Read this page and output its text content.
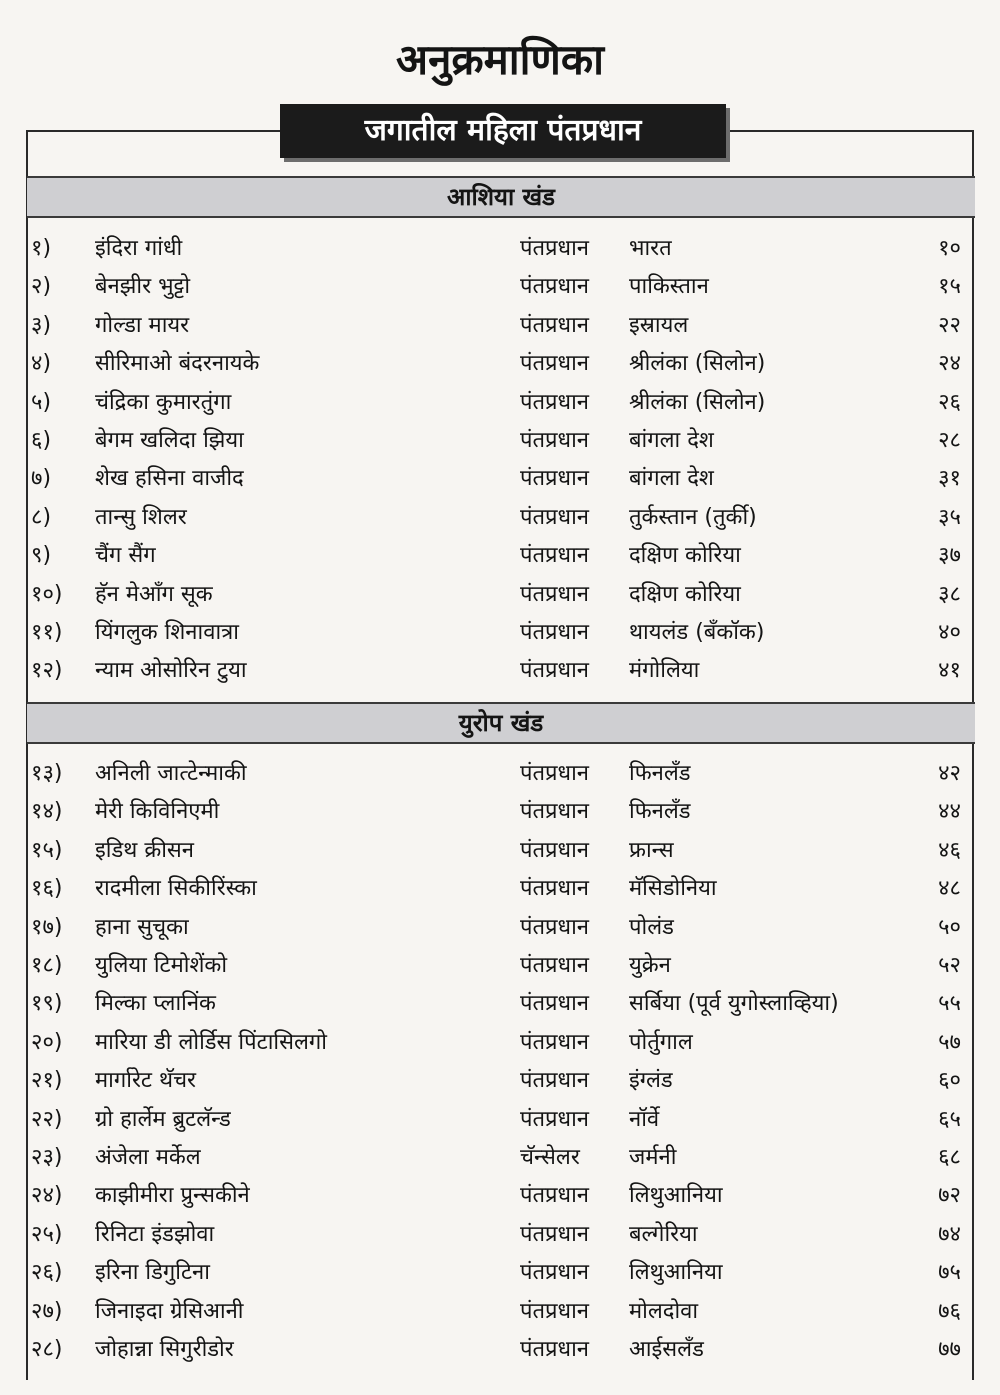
अनुक्रमाणिका
जगातील महिला पंतप्रधान
आशिया खंड
युरोप खंड
१) इंदिरा गांधी	पंतप्रधान भारत	१०
२) बेनझीर भुट्टो	पंतप्रधान पाकिस्तान	१५
३) गोल्डा मायर	पंतप्रधान इस्रायल	२२
४) सीरिमाओ बंदरनायके	पंतप्रधान श्रीलंका (सिलोन)	२४
५) चंद्रिका कुमारतुंगा	पंतप्रधान श्रीलंका (सिलोन)	२६
६) बेगम खलिदा झिया	पंतप्रधान बांगला देश	२८
७) शेख हसिना वाजीद	पंतप्रधान बांगला देश	३१
८) तान्सु शिलर	पंतप्रधान तुर्कस्तान (तुर्की)	३५
९) चैंग सैंग	पंतप्रधान दक्षिण कोरिया	३७
१०) हॅन मेआँग सूक	पंतप्रधान दक्षिण कोरिया	३८
११) यिंगलुक शिनावात्रा	पंतप्रधान थायलंड (बँकॉक)	४०
१२) न्याम ओसोरिन टुया	पंतप्रधान मंगोलिया	४१
१३) अनिली जात्टेन्माकी	पंतप्रधान फिनलँड	४२
१४) मेरी किविनिएमी	पंतप्रधान फिनलँड	४४
१५) इडिथ क्रीसन	पंतप्रधान फ्रान्स	४६
१६) रादमीला सिकीरिंस्का	पंतप्रधान मॅसिडोनिया	४८
१७) हाना सुचूका	पंतप्रधान पोलंड	५०
१८) युलिया टिमोशेंको	पंतप्रधान युक्रेन	५२
१९) मिल्का प्लानिंक	पंतप्रधान सर्बिया (पूर्व युगोस्लाव्हिया)	५५
२०) मारिया डी लोर्डिस पिंटासिलगो	पंतप्रधान पोर्तुगाल	५७
२१) मार्गारेट थॅचर	पंतप्रधान इंग्लंड	६०
२२) ग्रो हार्लेम ब्रुटलॅन्ड	पंतप्रधान नॉर्वे	६५
२३) अंजेला मर्केल	चॅन्सेलर जर्मनी	६८
२४) काझीमीरा प्रुन्सकीने	पंतप्रधान लिथुआनिया	७२
२५) रिनिटा इंडझोवा	पंतप्रधान बल्गेरिया	७४
२६) इरिना डिगुटिना	पंतप्रधान लिथुआनिया	७५
२७) जिनाइदा ग्रेसिआनी	पंतप्रधान मोलदोवा	७६
२८) जोहान्ना सिगुरीडोर	पंतप्रधान आईसलँड	७७
